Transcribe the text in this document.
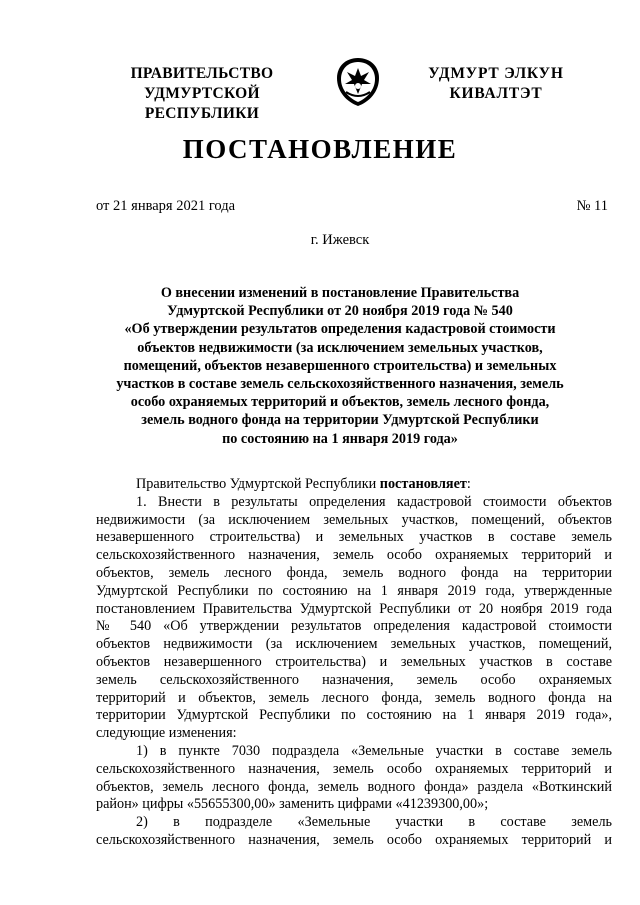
ПРАВИТЕЛЬСТВО
УДМУРТСКОЙ РЕСПУБЛИКИ
УДМУРТ ЭЛКУН
КИВАЛТЭТ
ПОСТАНОВЛЕНИЕ
от 21 января 2021 года	№ 11
г. Ижевск
О внесении изменений в постановление Правительства
Удмуртской Республики от 20 ноября 2019 года № 540
«Об утверждении результатов определения кадастровой стоимости
объектов недвижимости (за исключением земельных участков,
помещений, объектов незавершенного строительства) и земельных
участков в составе земель сельскохозяйственного назначения, земель
особо охраняемых территорий и объектов, земель лесного фонда,
земель водного фонда на территории Удмуртской Республики
по состоянию на 1 января 2019 года»
Правительство Удмуртской Республики постановляет:
1. Внести в результаты определения кадастровой стоимости объектов
недвижимости (за исключением земельных участков, помещений, объектов
незавершенного строительства) и земельных участков в составе земель
сельскохозяйственного назначения, земель особо охраняемых территорий и
объектов, земель лесного фонда, земель водного фонда на территории
Удмуртской Республики по состоянию на 1 января 2019 года, утвержденные
постановлением Правительства Удмуртской Республики от 20 ноября 2019 года
№ 540 «Об утверждении результатов определения кадастровой стоимости
объектов недвижимости (за исключением земельных участков, помещений,
объектов незавершенного строительства) и земельных участков в составе
земель сельскохозяйственного назначения, земель особо охраняемых
территорий и объектов, земель лесного фонда, земель водного фонда на
территории Удмуртской Республики по состоянию на 1 января 2019 года»,
следующие изменения:
1) в пункте 7030 подраздела «Земельные участки в составе земель
сельскохозяйственного назначения, земель особо охраняемых территорий и
объектов, земель лесного фонда, земель водного фонда» раздела «Воткинский
район» цифры «55655300,00» заменить цифрами «41239300,00»;
2) в подразделе «Земельные участки в составе земель
сельскохозяйственного назначения, земель особо охраняемых территорий и
